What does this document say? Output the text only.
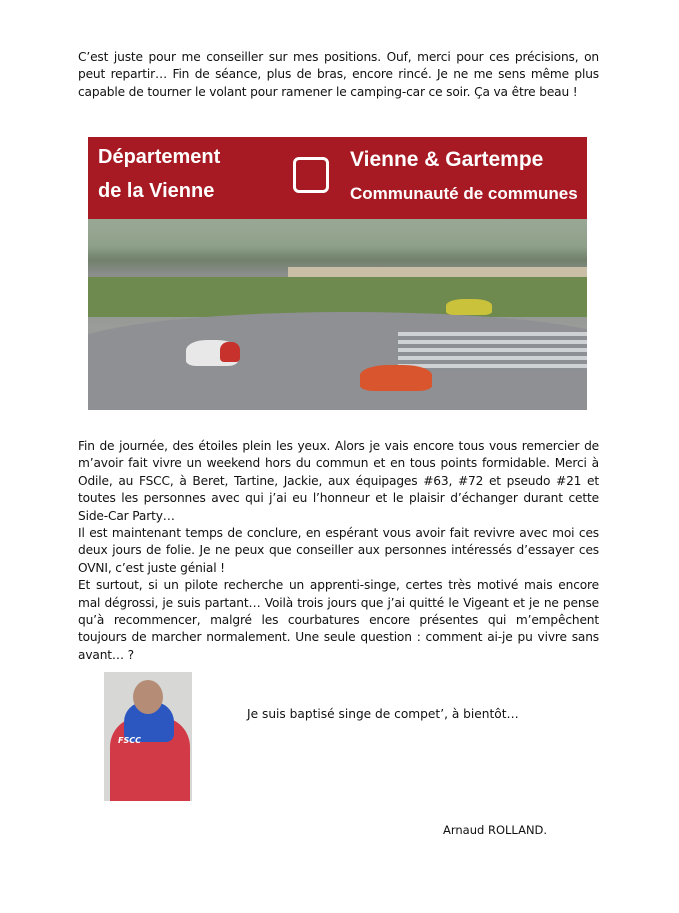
C’est juste pour me conseiller sur mes positions. Ouf, merci pour ces précisions, on peut repartir… Fin de séance, plus de bras, encore rincé. Je ne me sens même plus capable de tourner le volant pour ramener le camping-car ce soir. Ça va être beau !

Département
de la Vienne
Vienne & Gartempe
Communauté de communes

Fin de journée, des étoiles plein les yeux. Alors je vais encore tous vous remercier de m’avoir fait vivre un weekend hors du commun et en tous points formidable. Merci à Odile, au FSCC, à Beret, Tartine, Jackie, aux équipages #63, #72 et pseudo #21 et toutes les personnes avec qui j’ai eu l’honneur et le plaisir d’échanger durant cette Side-Car Party…

Il est maintenant temps de conclure, en espérant vous avoir fait revivre avec moi ces deux jours de folie. Je ne peux que conseiller aux personnes intéressés d’essayer ces OVNI, c’est juste génial !

Et surtout, si un pilote recherche un apprenti-singe, certes très motivé mais encore mal dégrossi, je suis partant… Voilà trois jours que j’ai quitté le Vigeant et je ne pense qu’à recommencer, malgré les courbatures encore présentes qui m’empêchent toujours de marcher normalement. Une seule question : comment ai-je pu vivre sans avant… ?

FSCC
Je suis baptisé singe de compet’, à bientôt…
Arnaud ROLLAND.
